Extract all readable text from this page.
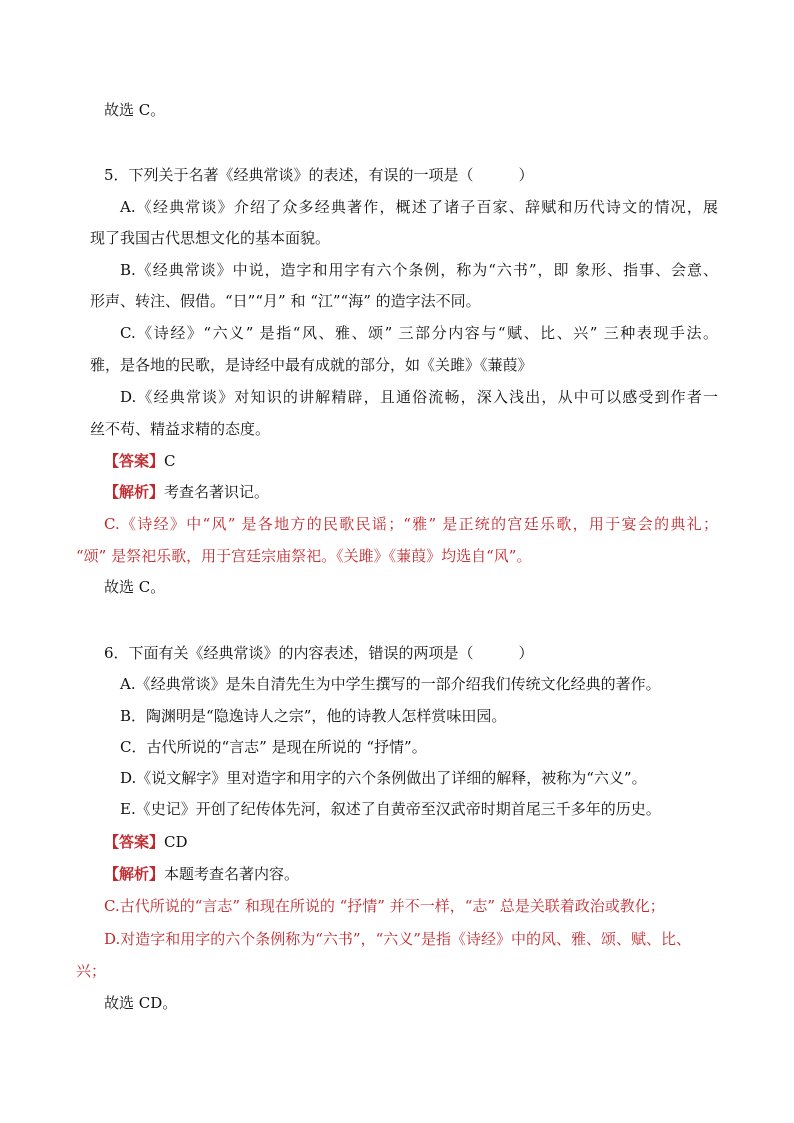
故选 C。
5．下列关于名著《经典常谈》的表述，有误的一项是（　　　）
A.《经典常谈》介绍了众多经典著作，概述了诸子百家、辞赋和历代诗文的情况，展
现了我国古代思想文化的基本面貌。
B.《经典常谈》中说，造字和用字有六个条例，称为“六书”，即 象形、指事、会意、
形声、转注、假借。“日”“月” 和 “江”“海” 的造字法不同。
C.《诗经》“六义” 是指“风、雅、颂” 三部分内容与“赋、比、兴” 三种表现手法。
雅，是各地的民歌，是诗经中最有成就的部分，如《关雎》《蒹葭》
D.《经典常谈》对知识的讲解精辟，且通俗流畅，深入浅出，从中可以感受到作者一
丝不苟、精益求精的态度。
【答案】C
【解析】考查名著识记。
C.《诗经》中“风” 是各地方的民歌民谣；“雅” 是正统的宫廷乐歌，用于宴会的典礼；
“颂” 是祭祀乐歌，用于宫廷宗庙祭祀。《关雎》《蒹葭》均选自“风”。
故选 C。
6．下面有关《经典常谈》的内容表述，错误的两项是（　　　）
A.《经典常谈》是朱自清先生为中学生撰写的一部介绍我们传统文化经典的著作。
B．陶渊明是“隐逸诗人之宗”，他的诗教人怎样赏味田园。
C．古代所说的“言志” 是现在所说的 “抒情”。
D.《说文解字》里对造字和用字的六个条例做出了详细的解释，被称为“六义”。
E.《史记》开创了纪传体先河，叙述了自黄帝至汉武帝时期首尾三千多年的历史。
【答案】CD
【解析】本题考查名著内容。
C.古代所说的“言志” 和现在所说的 “抒情” 并不一样，“志” 总是关联着政治或教化；
D.对造字和用字的六个条例称为“六书”，“六义”是指《诗经》中的风、雅、颂、赋、比、
兴；
故选 CD。
